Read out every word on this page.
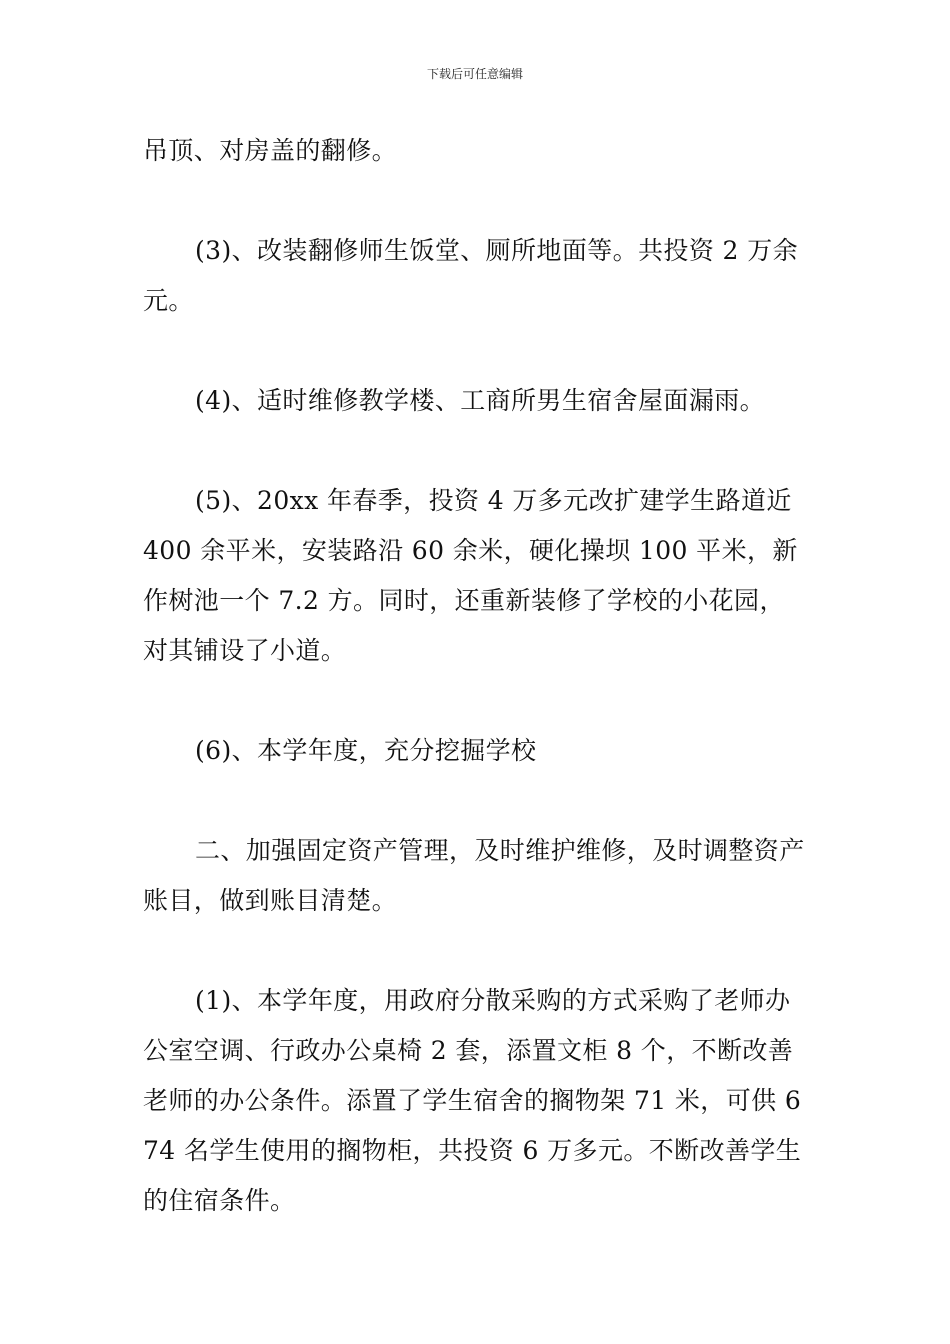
下载后可任意编辑

吊顶、对房盖的翻修。

(3)、改装翻修师生饭堂、厕所地面等。共投资 2 万余元。

(4)、适时维修教学楼、工商所男生宿舍屋面漏雨。

(5)、20xx 年春季，投资 4 万多元改扩建学生路道近 400 余平米，安装路沿 60 余米，硬化操坝 100 平米，新作树池一个 7.2 方。同时，还重新装修了学校的小花园，对其铺设了小道。

(6)、本学年度，充分挖掘学校

二、加强固定资产管理，及时维护维修，及时调整资产账目，做到账目清楚。

(1)、本学年度，用政府分散采购的方式采购了老师办公室空调、行政办公桌椅 2 套，添置文柜 8 个，不断改善老师的办公条件。添置了学生宿舍的搁物架 71 米，可供 674 名学生使用的搁物柜，共投资 6 万多元。不断改善学生的住宿条件。
